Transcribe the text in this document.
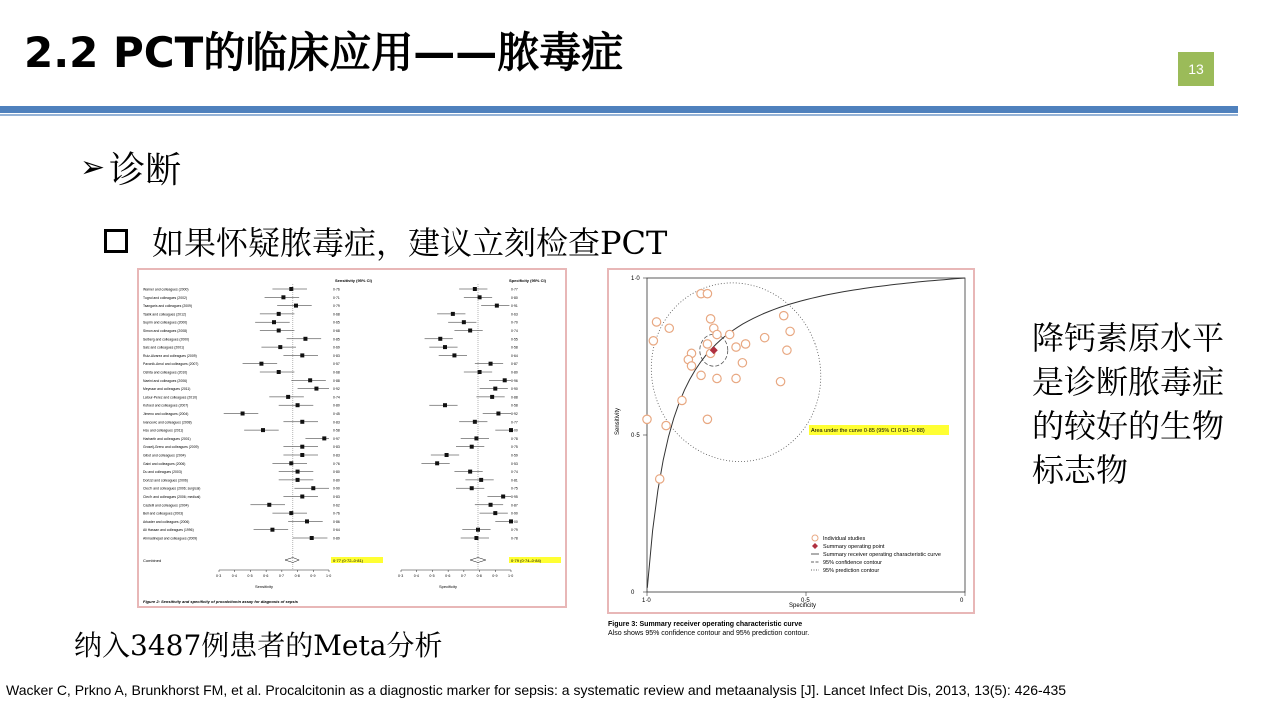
2.2 PCT的临床应用——脓毒症	13
➢ 诊断
如果怀疑脓毒症，建议立刻检查PCT
Sensitivity (95% CI)	Specificity (95% CI)
Warner and colleagues (2000)	0·76	0·77
Tugrul and colleagues (2002)	0·71	0·80
Tsangaris and colleagues (2009)	0·79	0·91
Tsalik and colleagues (2012)	0·68	0·63
Suprin and colleagues (2000)	0·65	0·70
Simon and colleagues (2008)	0·68	0·74
Selberg and colleagues (2000)	0·85	0·55
Salc and colleagues (2001)	0·69	0·58
Ruiz-Alvarez and colleagues (2009)	0·83	0·64
Pavcnik-Arnol and colleagues (2007)	0·57	0·87
Oshita and colleagues (2010)	0·68	0·80
Naeini and colleagues (2006)	0·88	0·96
Meynaar and colleagues (2011)	0·92	0·90
Latour-Perez and colleagues (2010)	0·74	0·88
Kofoed and colleagues (2007)	0·80	0·58
Jimeno and colleagues (2004)	0·45	0·92
Ivancevic and colleagues (2008)	0·83	0·77
Hsu and colleagues (2011)	0·58	1·00
Harbarth and colleagues (2001)	0·97	0·78
Groselj-Grenc and colleagues (2009)	0·83	0·75
Gibot and colleagues (2004)	0·83	0·59
Gaini and colleagues (2006)	0·76	0·53
Du and colleagues (2003)	0·80	0·74
Dorizzi and colleagues (2006)	0·80	0·81
Clec'h and colleagues (2006; surgical)	0·90	0·75
Clec'h and colleagues (2006; medical)	0·83	0·95
Castelli and colleagues (2004)	0·62	0·87
Bell and colleagues (2003)	0·76	0·90
Arkader and colleagues (2006)	0·86	1·00
Ali Hassan and colleagues (1996)	0·64	0·79
Ahmadinejad and colleagues (2009)	0·89	0·78
Combined	0·77 (0·72–0·81)	0·79 (0·74–0·84)
0·3	0·3
0·4	0·4
0·5	0·5
0·6	0·6
0·7	0·7
0·8	0·8
0·9	0·9
1·0	1·0
Sensitivity	Specificity
Figure 2: Sensitivity and specificity of procalcitonin assay for diagnosis of sepsis
1·0
0·5
0
1·0	0·5	0
Sensitivity
Specificity
Area under the curve 0·85 (95% CI 0·81–0·88)
Individual studies
Summary operating point
Summary receiver operating characteristic curve
95% confidence contour
95% prediction contour
Figure 3: Summary receiver operating characteristic curve
Also shows 95% confidence contour and 95% prediction contour.
降钙素原水平
是诊断脓毒症
的较好的生物
标志物
纳入3487例患者的Meta分析
Wacker C, Prkno A, Brunkhorst FM, et al. Procalcitonin as a diagnostic marker for sepsis: a systematic review and metaanalysis [J]. Lancet Infect Dis, 2013, 13(5): 426-435
